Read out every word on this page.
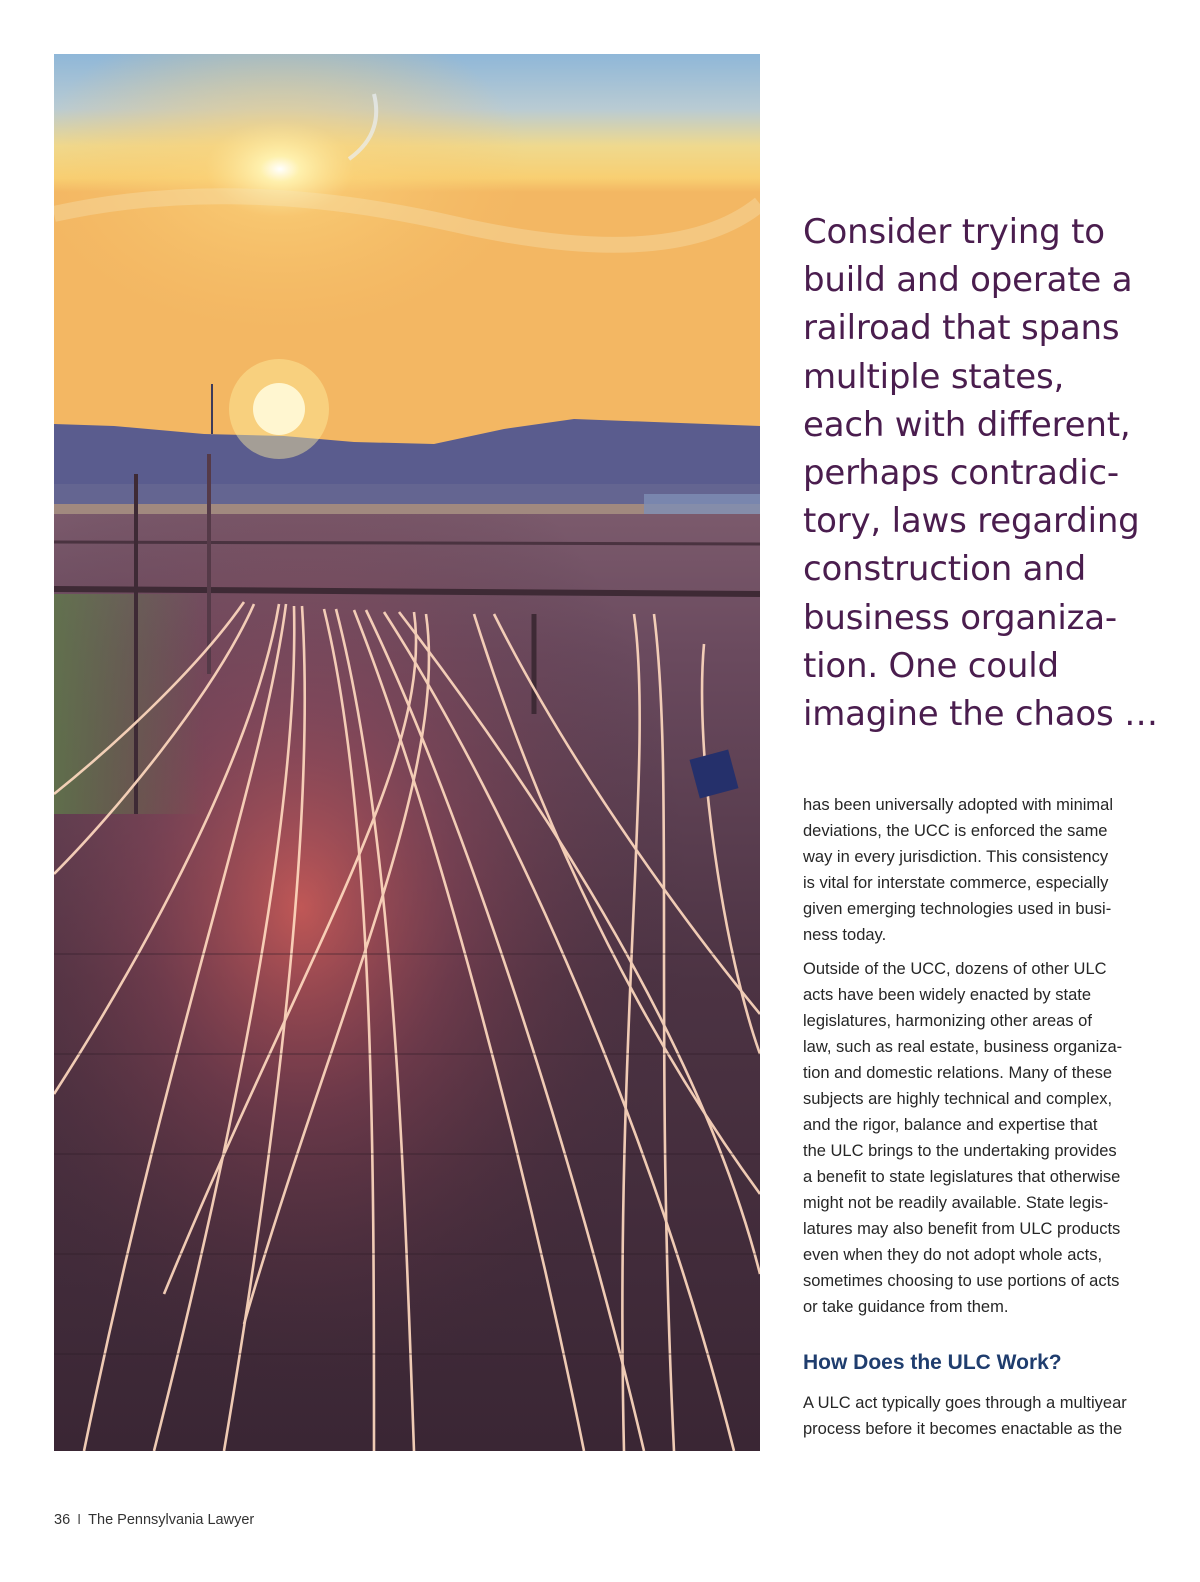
Consider trying to
build and operate a
railroad that spans
multiple states,
each with different,
perhaps contradic-
tory, laws regarding
construction and
business organiza-
tion. One could
imagine the chaos …
has been universally adopted with minimal
deviations, the UCC is enforced the same
way in every jurisdiction. This consistency
is vital for interstate commerce, especially
given emerging technologies used in busi-
ness today.
Outside of the UCC, dozens of other ULC
acts have been widely enacted by state
legislatures, harmonizing other areas of
law, such as real estate, business organiza-
tion and domestic relations. Many of these
subjects are highly technical and complex,
and the rigor, balance and expertise that
the ULC brings to the undertaking provides
a benefit to state legislatures that otherwise
might not be readily available. State legis-
latures may also benefit from ULC products
even when they do not adopt whole acts,
sometimes choosing to use portions of acts
or take guidance from them.
How Does the ULC Work?
A ULC act typically goes through a multiyear
process before it becomes enactable as the
36 I The Pennsylvania Lawyer
